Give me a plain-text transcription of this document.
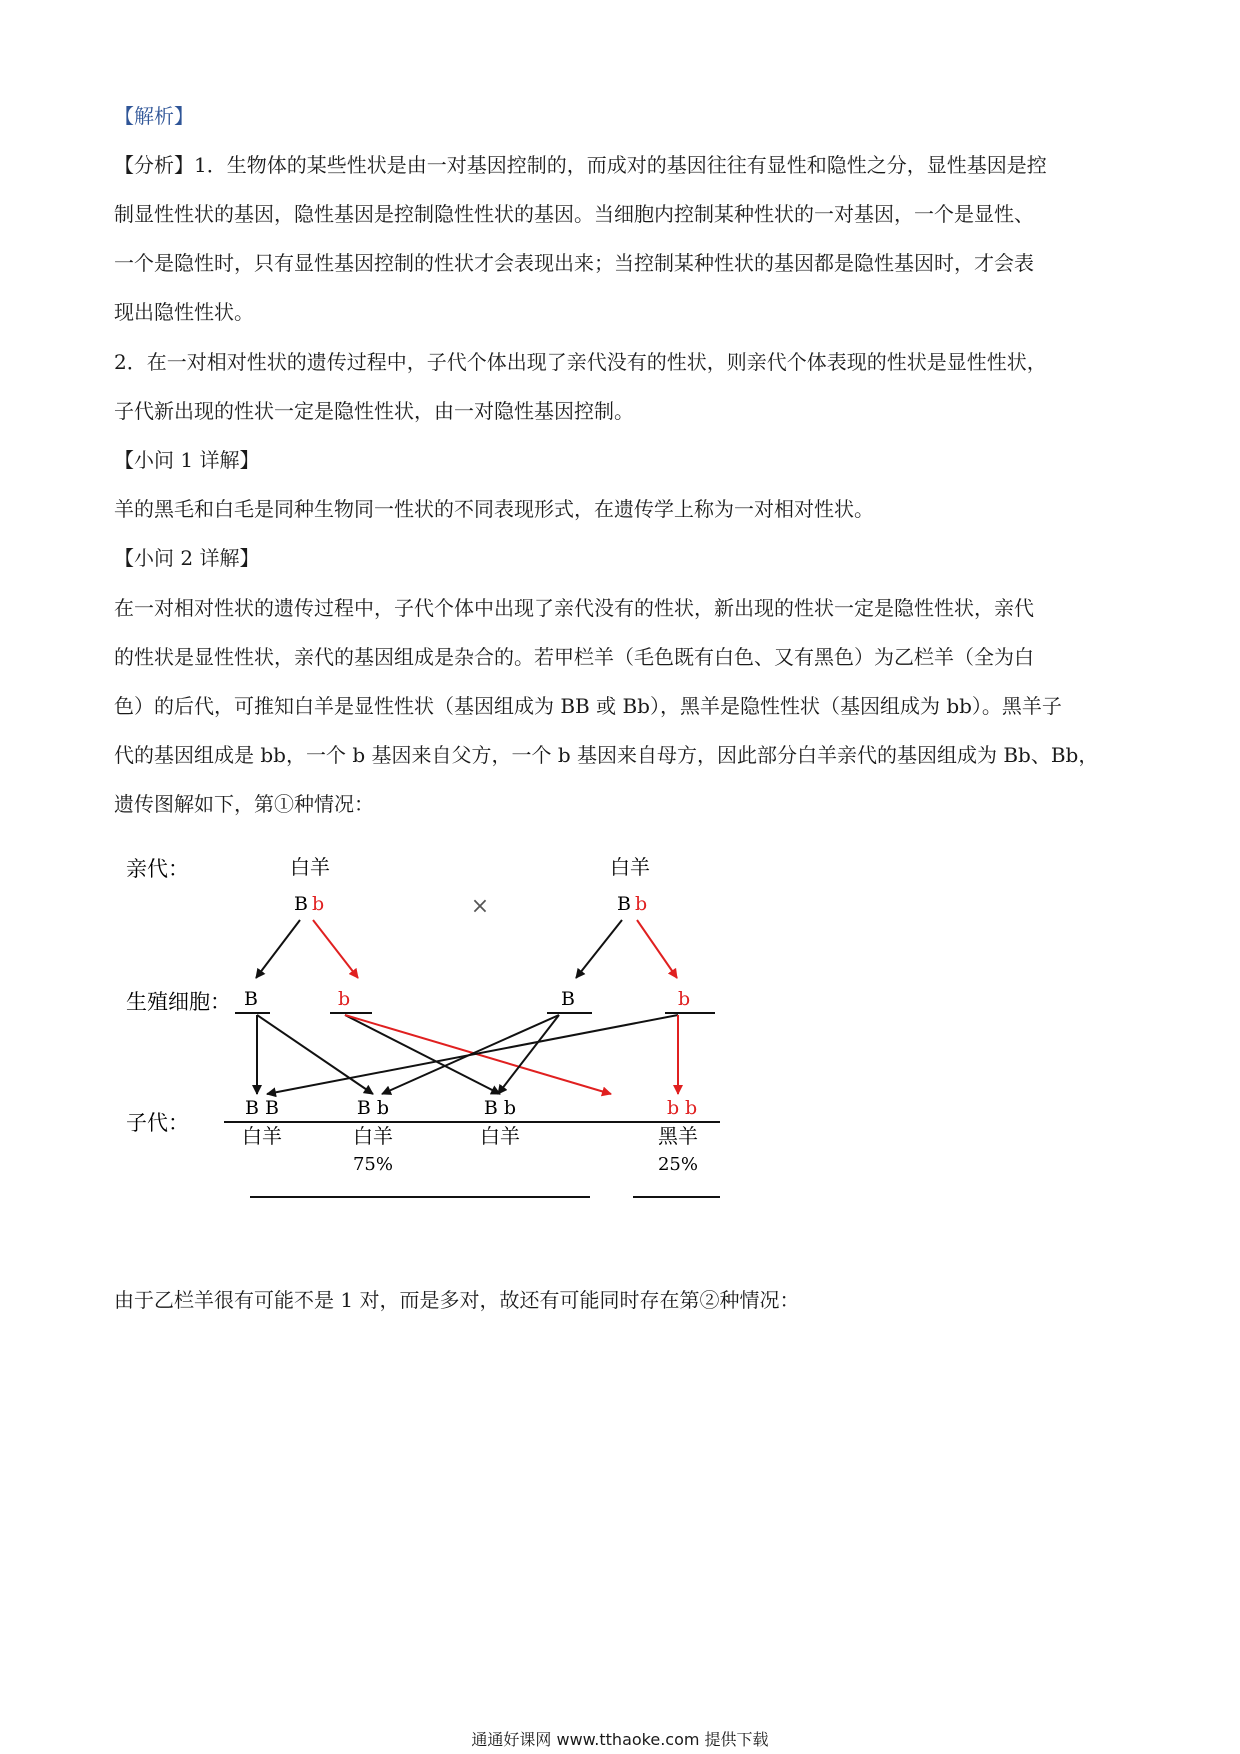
【解析】
【分析】1．生物体的某些性状是由一对基因控制的，而成对的基因往往有显性和隐性之分，显性基因是控
制显性性状的基因，隐性基因是控制隐性性状的基因。当细胞内控制某种性状的一对基因，一个是显性、
一个是隐性时，只有显性基因控制的性状才会表现出来；当控制某种性状的基因都是隐性基因时，才会表
现出隐性性状。
2．在一对相对性状的遗传过程中，子代个体出现了亲代没有的性状，则亲代个体表现的性状是显性性状，
子代新出现的性状一定是隐性性状，由一对隐性基因控制。
【小问 1 详解】
羊的黑毛和白毛是同种生物同一性状的不同表现形式，在遗传学上称为一对相对性状。
【小问 2 详解】
在一对相对性状的遗传过程中，子代个体中出现了亲代没有的性状，新出现的性状一定是隐性性状，亲代
的性状是显性性状，亲代的基因组成是杂合的。若甲栏羊（毛色既有白色、又有黑色）为乙栏羊（全为白
色）的后代，可推知白羊是显性性状（基因组成为 BB 或 Bb），黑羊是隐性性状（基因组成为 bb）。黑羊子
代的基因组成是 bb，一个 b 基因来自父方，一个 b 基因来自母方，因此部分白羊亲代的基因组成为 Bb、Bb，
遗传图解如下，第①种情况：
亲代：
生殖细胞：
子代：
白羊	白羊
B b	B b
×
B	b	B	b
B B	B b	B b	b b
白羊	白羊	白羊	黑羊
75%	25%
由于乙栏羊很有可能不是 1 对，而是多对，故还有可能同时存在第②种情况：
通通好课网 www.tthaoke.com 提供下载
